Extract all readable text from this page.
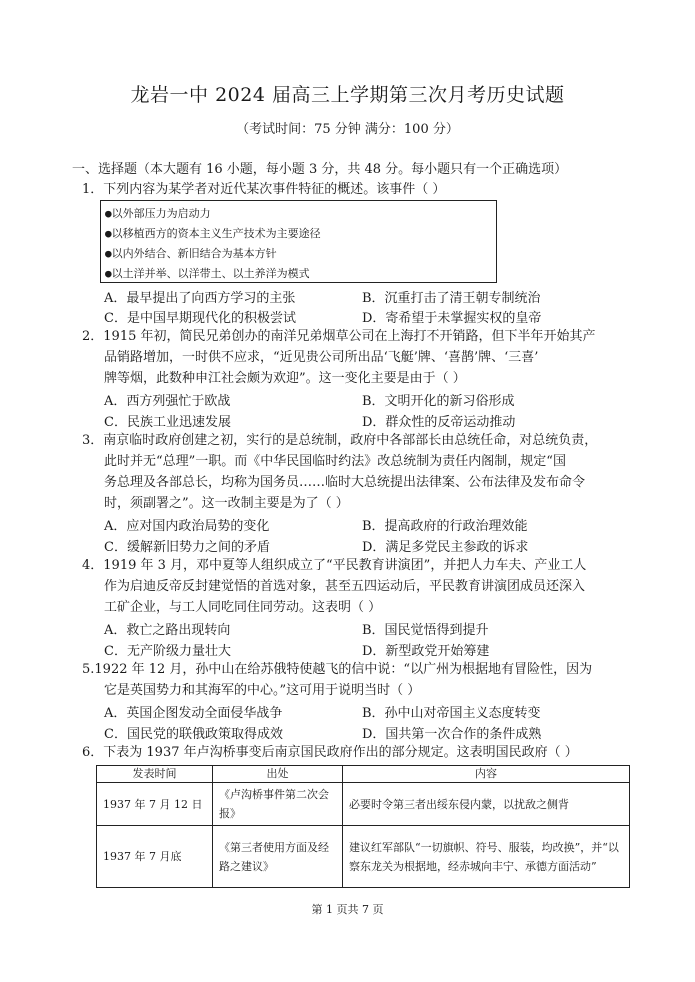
龙岩一中 2024 届高三上学期第三次月考历史试题
（考试时间：75 分钟 满分：100 分）
一、选择题（本大题有 16 小题，每小题 3 分，共 48 分。每小题只有一个正确选项）
1．下列内容为某学者对近代某次事件特征的概述。该事件（ ）
●以外部压力为启动力
●以移植西方的资本主义生产技术为主要途径
●以内外结合、新旧结合为基本方针
●以土洋并举、以洋带土、以土养洋为模式
A．最早提出了向西方学习的主张	B．沉重打击了清王朝专制统治
C．是中国早期现代化的积极尝试	D．寄希望于未掌握实权的皇帝
2．1915 年初，简民兄弟创办的南洋兄弟烟草公司在上海打不开销路，但下半年开始其产
品销路增加，一时供不应求，“近见贵公司所出品‘飞艇’牌、‘喜鹊’牌、‘三喜’
牌等烟，此数种申江社会颇为欢迎”。这一变化主要是由于（ ）
A．西方列强忙于欧战	B．文明开化的新习俗形成
C．民族工业迅速发展	D．群众性的反帝运动推动
3．南京临时政府创建之初，实行的是总统制，政府中各部部长由总统任命，对总统负责，
此时并无“总理”一职。而《中华民国临时约法》改总统制为责任内阁制，规定“国
务总理及各部总长，均称为国务员……临时大总统提出法律案、公布法律及发布命令
时，须副署之”。这一改制主要是为了（ ）
A．应对国内政治局势的变化	B．提高政府的行政治理效能
C．缓解新旧势力之间的矛盾	D．满足多党民主参政的诉求
4．1919 年 3 月，邓中夏等人组织成立了“平民教育讲演团”，并把人力车夫、产业工人
作为启迪反帝反封建觉悟的首选对象，甚至五四运动后，平民教育讲演团成员还深入
工矿企业，与工人同吃同住同劳动。这表明（ ）
A．救亡之路出现转向	B．国民觉悟得到提升
C．无产阶级力量壮大	D．新型政党开始筹建
5.1922 年 12 月，孙中山在给苏俄特使越飞的信中说：“以广州为根据地有冒险性，因为
它是英国势力和其海军的中心。”这可用于说明当时（ ）
A．英国企图发动全面侵华战争	B．孙中山对帝国主义态度转变
C．国民党的联俄政策取得成效	D．国共第一次合作的条件成熟
6．下表为 1937 年卢沟桥事变后南京国民政府作出的部分规定。这表明国民政府（ ）
发表时间	出处	内容
1937 年 7 月 12 日	《卢沟桥事件第二次会报》	必要时令第三者出绥东侵内蒙，以扰敌之侧背
1937 年 7 月底	《第三者使用方面及经路之建议》	建议红军部队“一切旗帜、符号、服装，均改换”，并“以察东龙关为根据地，经赤城向丰宁、承德方面活动”
第 1 页共 7 页
